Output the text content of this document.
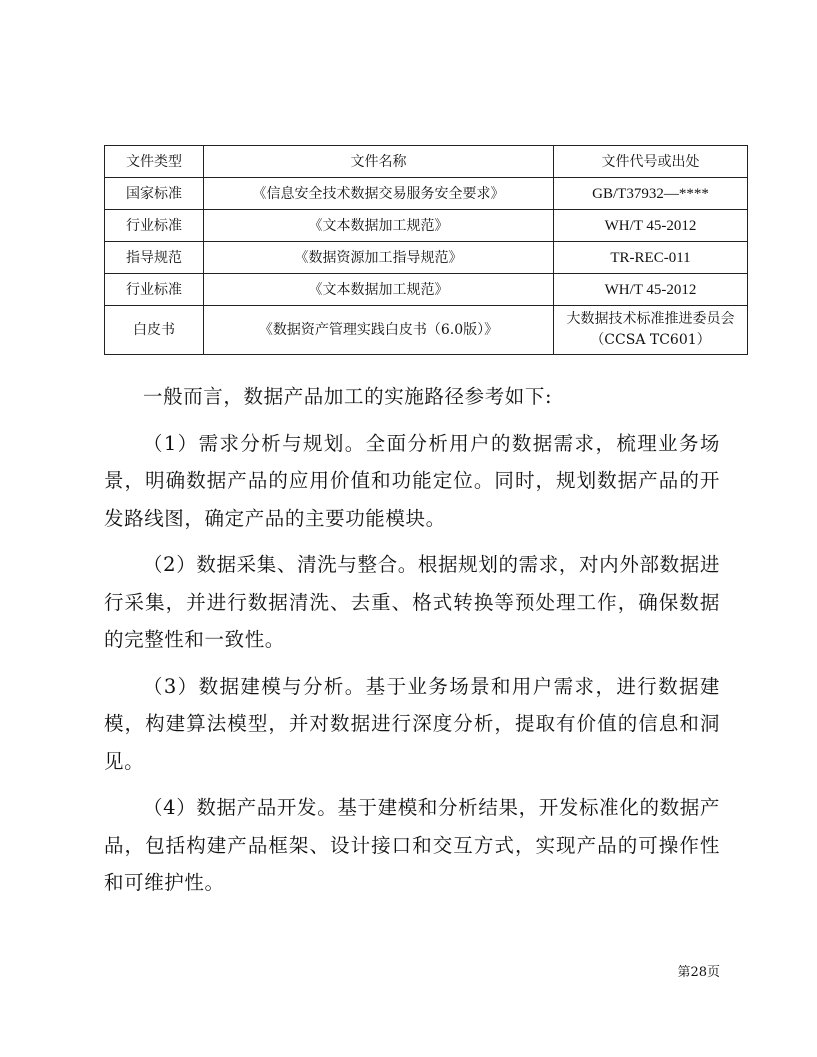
文件类型	文件名称	文件代号或出处
国家标准	《信息安全技术数据交易服务安全要求》	GB/T37932—****
行业标准	《文本数据加工规范》	WH/T 45-2012
指导规范	《数据资源加工指导规范》	TR-REC-011
行业标准	《文本数据加工规范》	WH/T 45-2012
白皮书	《数据资产管理实践白皮书（6.0版）》	大数据技术标准推进委员会（CCSA TC601）

一般而言，数据产品加工的实施路径参考如下:

（1）需求分析与规划。全面分析用户的数据需求，梳理业务场景，明确数据产品的应用价值和功能定位。同时，规划数据产品的开发路线图，确定产品的主要功能模块。

（2）数据采集、清洗与整合。根据规划的需求，对内外部数据进行采集，并进行数据清洗、去重、格式转换等预处理工作，确保数据的完整性和一致性。

（3）数据建模与分析。基于业务场景和用户需求，进行数据建模，构建算法模型，并对数据进行深度分析，提取有价值的信息和洞见。

（4）数据产品开发。基于建模和分析结果，开发标准化的数据产品，包括构建产品框架、设计接口和交互方式，实现产品的可操作性和可维护性。

第28页
